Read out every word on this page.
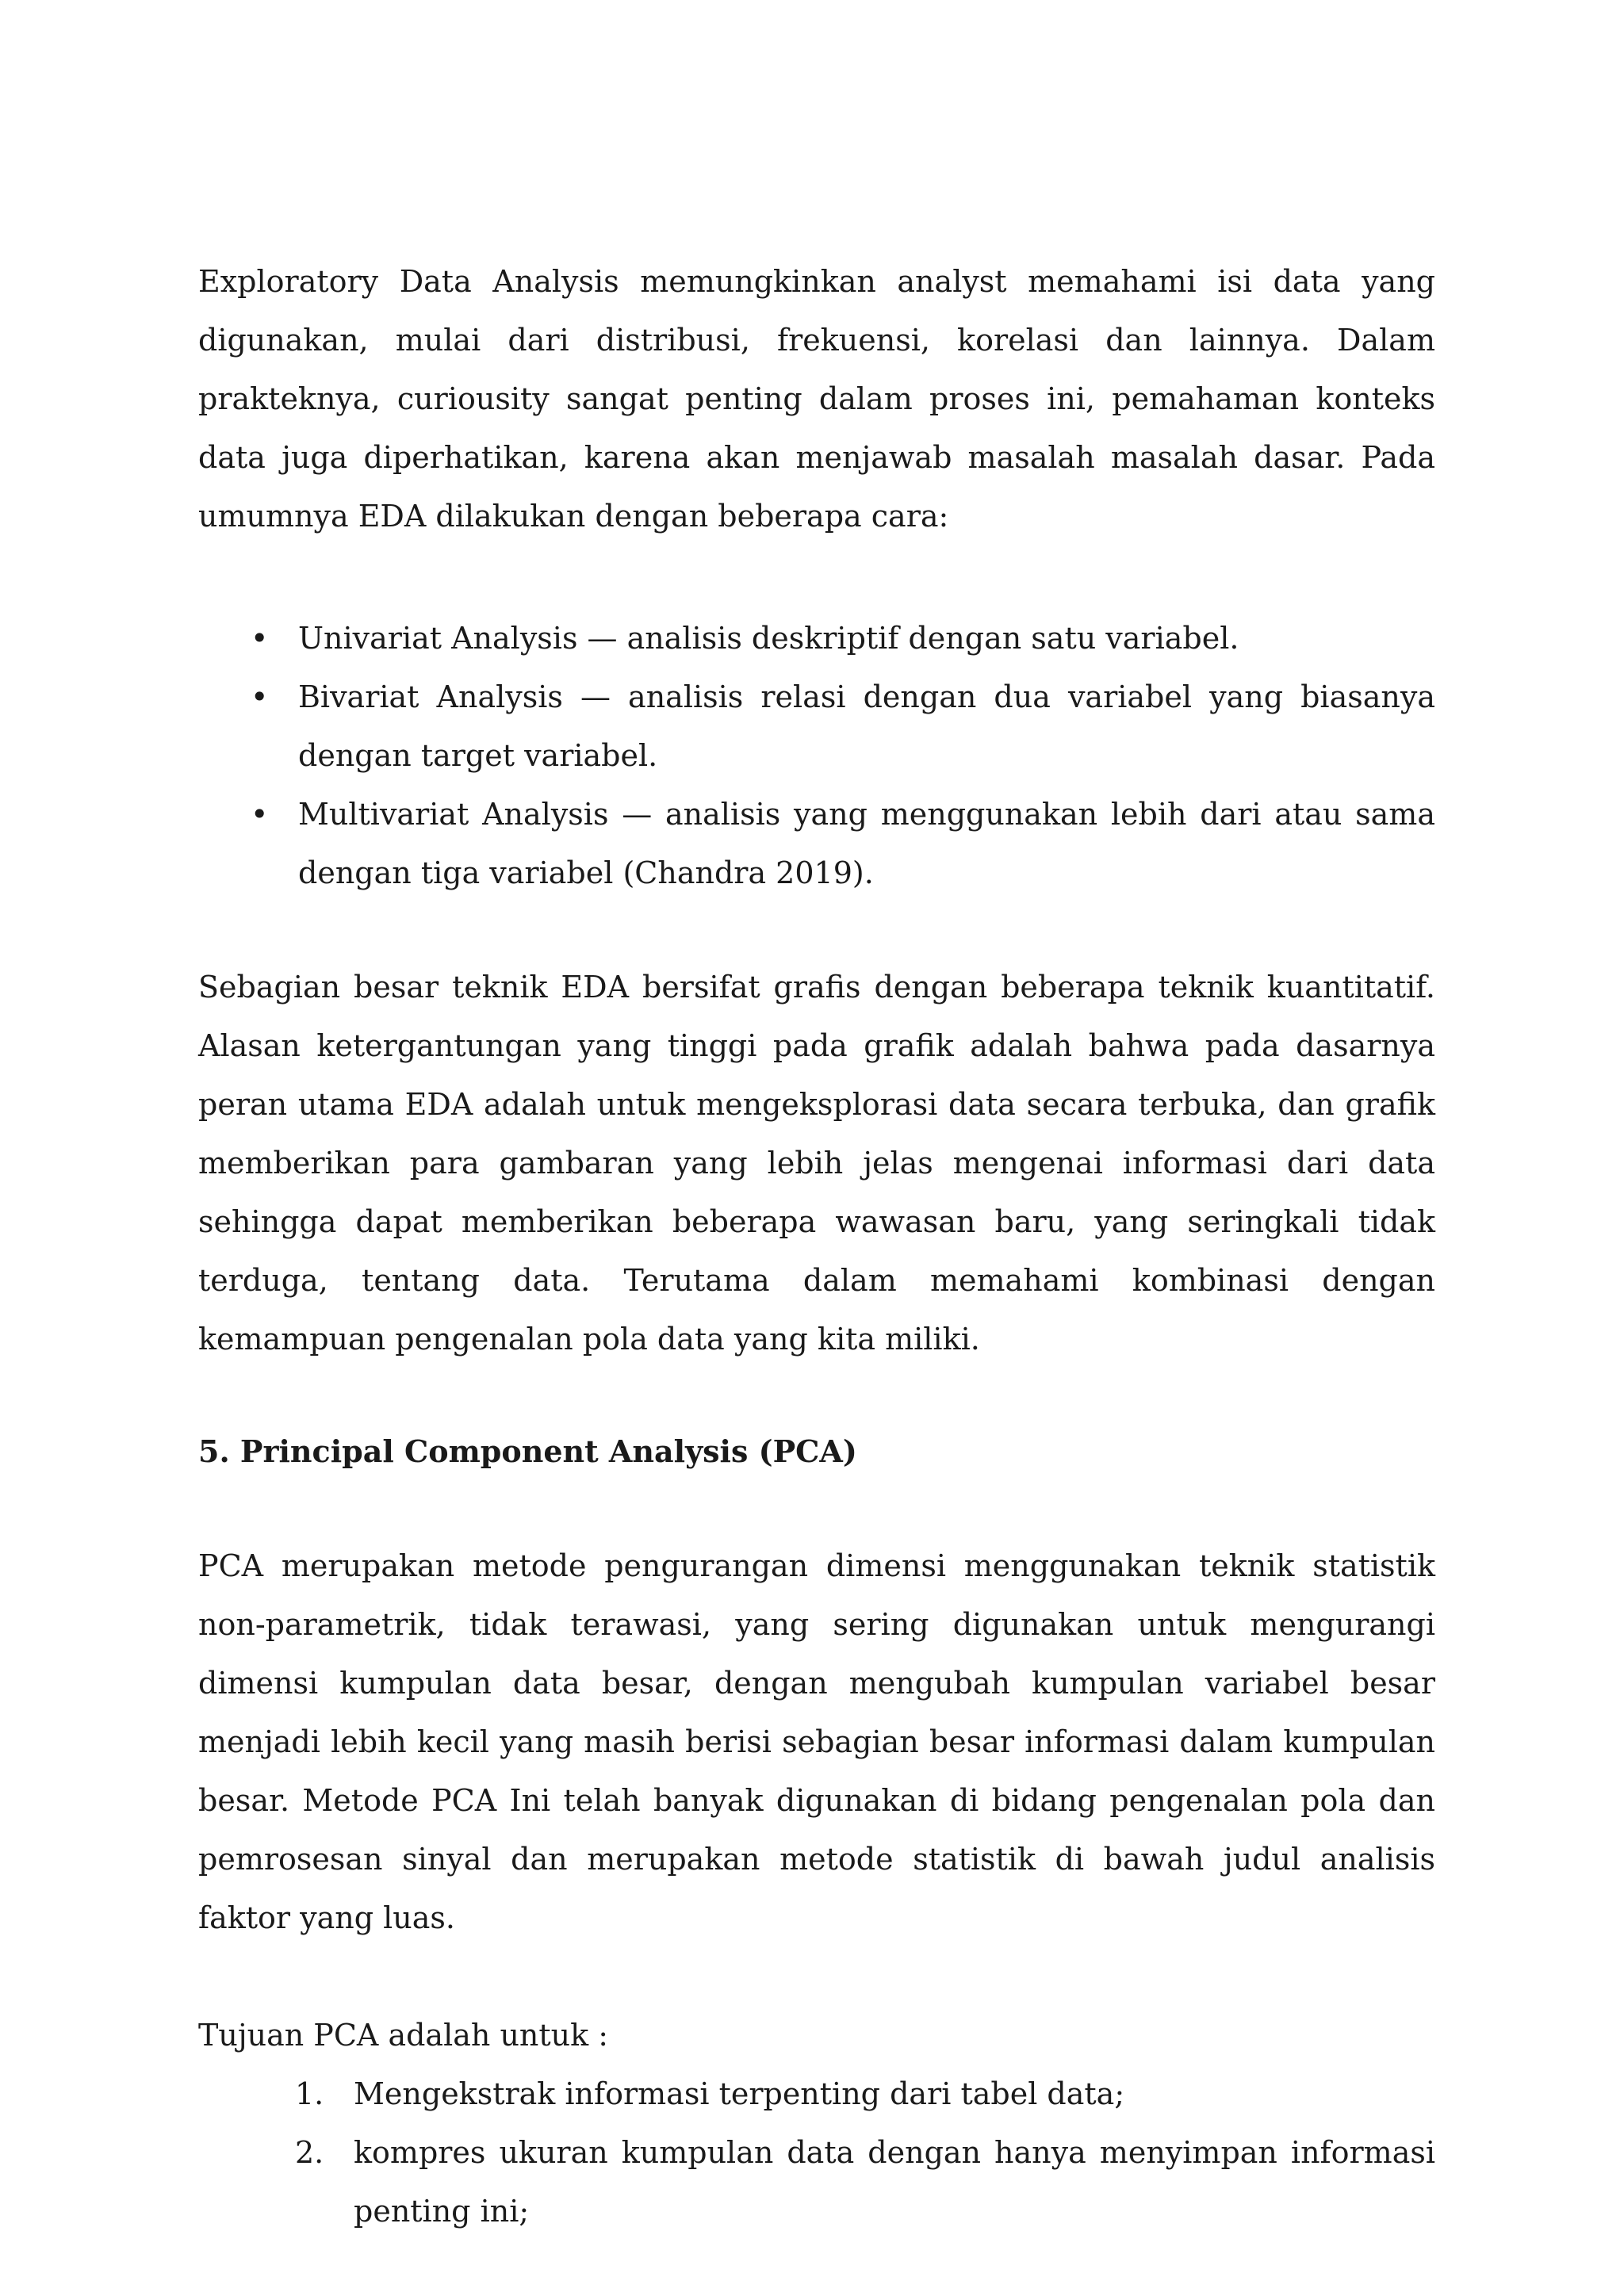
Exploratory Data Analysis memungkinkan analyst memahami isi data yang digunakan, mulai dari distribusi, frekuensi, korelasi dan lainnya. Dalam prakteknya, curiousity sangat penting dalam proses ini, pemahaman konteks data juga diperhatikan, karena akan menjawab masalah masalah dasar. Pada umumnya EDA dilakukan dengan beberapa cara:

• Univariat Analysis — analisis deskriptif dengan satu variabel.
• Bivariat Analysis — analisis relasi dengan dua variabel yang biasanya dengan target variabel.
• Multivariat Analysis — analisis yang menggunakan lebih dari atau sama dengan tiga variabel (Chandra 2019).

Sebagian besar teknik EDA bersifat grafis dengan beberapa teknik kuantitatif. Alasan ketergantungan yang tinggi pada grafik adalah bahwa pada dasarnya peran utama EDA adalah untuk mengeksplorasi data secara terbuka, dan grafik memberikan para gambaran yang lebih jelas mengenai informasi dari data sehingga dapat memberikan beberapa wawasan baru, yang seringkali tidak terduga, tentang data. Terutama dalam memahami kombinasi dengan kemampuan pengenalan pola data yang kita miliki.

5. Principal Component Analysis (PCA)

PCA merupakan metode pengurangan dimensi menggunakan teknik statistik non-parametrik, tidak terawasi, yang sering digunakan untuk mengurangi dimensi kumpulan data besar, dengan mengubah kumpulan variabel besar menjadi lebih kecil yang masih berisi sebagian besar informasi dalam kumpulan besar. Metode PCA Ini telah banyak digunakan di bidang pengenalan pola dan pemrosesan sinyal dan merupakan metode statistik di bawah judul analisis faktor yang luas.

Tujuan PCA adalah untuk :

1. Mengekstrak informasi terpenting dari tabel data;
2. kompres ukuran kumpulan data dengan hanya menyimpan informasi penting ini;
